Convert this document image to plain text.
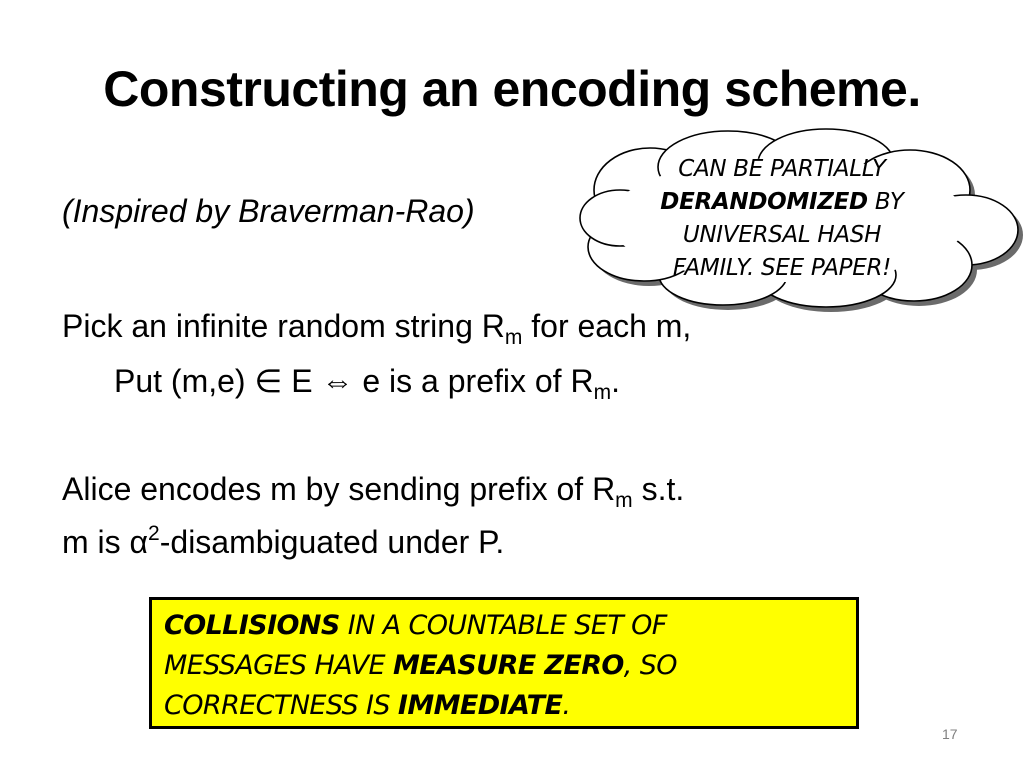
Constructing an encoding scheme.
(Inspired by Braverman-Rao)
Pick an infinite random string $R_m$ for each m,
Put (m,e) ∈ E ⇔ e is a prefix of $R_m$.
Alice encodes m by sending prefix of $R_m$ s.t.
m is $\alpha^2$-disambiguated under P.
CAN BE PARTIALLY
DERANDOMIZED BY
UNIVERSAL HASH
FAMILY. SEE PAPER!
COLLISIONS IN A COUNTABLE SET OF
MESSAGES HAVE MEASURE ZERO, SO
CORRECTNESS IS IMMEDIATE.
17
